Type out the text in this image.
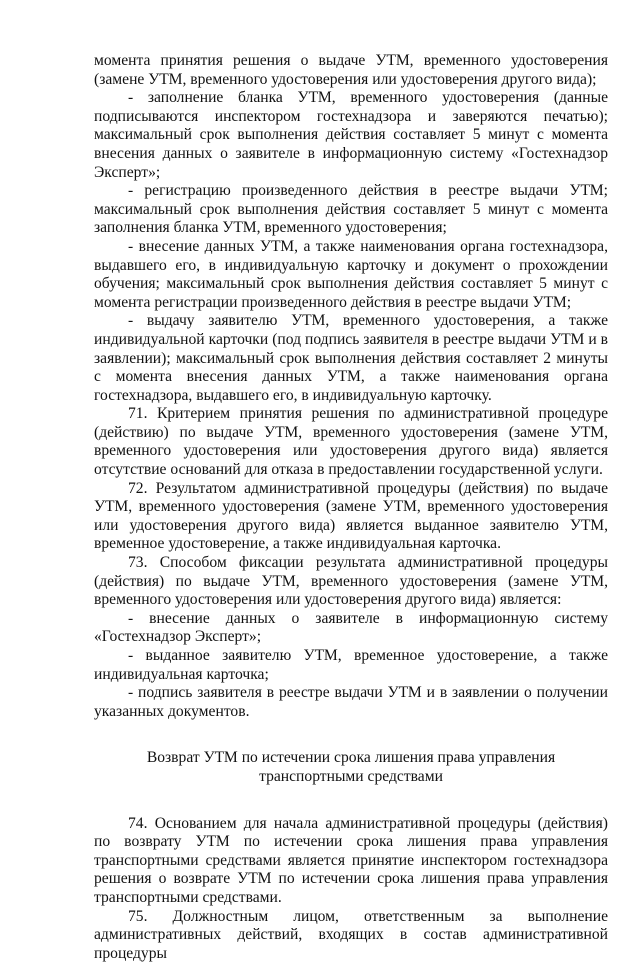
момента принятия решения о выдаче УТМ, временного удостоверения (замене УТМ, временного удостоверения или удостоверения другого вида);

- заполнение бланка УТМ, временного удостоверения (данные подписываются инспектором гостехнадзора и заверяются печатью); максимальный срок выполнения действия составляет 5 минут с момента внесения данных о заявителе в информационную систему «Гостехнадзор Эксперт»;

- регистрацию произведенного действия в реестре выдачи УТМ; максимальный срок выполнения действия составляет 5 минут с момента заполнения бланка УТМ, временного удостоверения;

- внесение данных УТМ, а также наименования органа гостехнадзора, выдавшего его, в индивидуальную карточку и документ о прохождении обучения; максимальный срок выполнения действия составляет 5 минут с момента регистрации произведенного действия в реестре выдачи УТМ;

- выдачу заявителю УТМ, временного удостоверения, а также индивидуальной карточки (под подпись заявителя в реестре выдачи УТМ и в заявлении); максимальный срок выполнения действия составляет 2 минуты с момента внесения данных УТМ, а также наименования органа гостехнадзора, выдавшего его, в индивидуальную карточку.

71. Критерием принятия решения по административной процедуре (действию) по выдаче УТМ, временного удостоверения (замене УТМ, временного удостоверения или удостоверения другого вида) является отсутствие оснований для отказа в предоставлении государственной услуги.

72. Результатом административной процедуры (действия) по выдаче УТМ, временного удостоверения (замене УТМ, временного удостоверения или удостоверения другого вида) является выданное заявителю УТМ, временное удостоверение, а также индивидуальная карточка.

73. Способом фиксации результата административной процедуры (действия) по выдаче УТМ, временного удостоверения (замене УТМ, временного удостоверения или удостоверения другого вида) является:

- внесение данных о заявителе в информационную систему «Гостехнадзор Эксперт»;

- выданное заявителю УТМ, временное удостоверение, а также индивидуальная карточка;

- подпись заявителя в реестре выдачи УТМ и в заявлении о получении указанных документов.

Возврат УТМ по истечении срока лишения права управления транспортными средствами

74. Основанием для начала административной процедуры (действия) по возврату УТМ по истечении срока лишения права управления транспортными средствами является принятие инспектором гостехнадзора решения о возврате УТМ по истечении срока лишения права управления транспортными средствами.

75. Должностным лицом, ответственным за выполнение административных действий, входящих в состав административной процедуры
